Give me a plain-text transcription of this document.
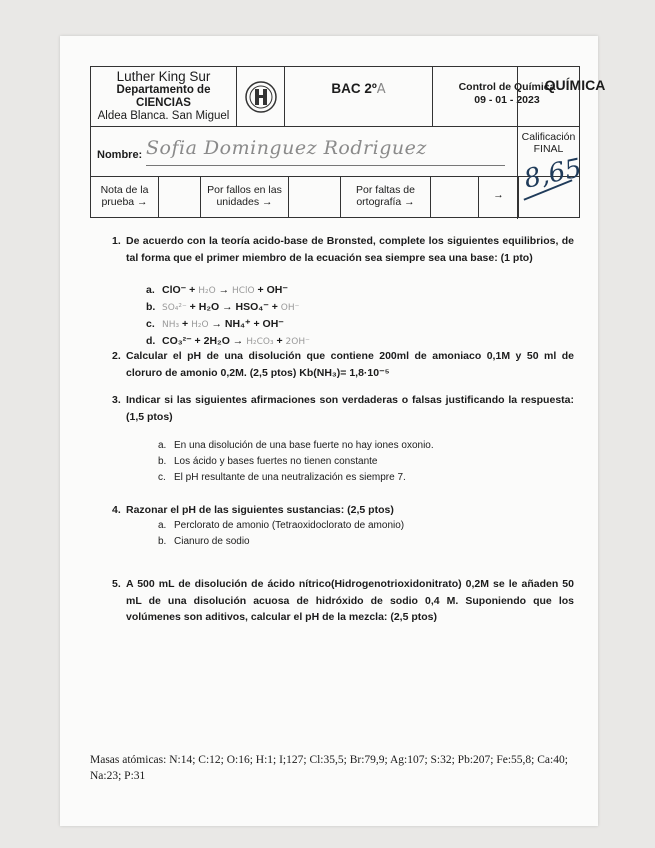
Luther King Sur
Departamento de
CIENCIAS
Aldea Blanca. San Miguel
QUÍMICA
BAC 2ºA	Control de Química
09 - 01 - 2023
Nombre: Sofia Dominguez Rodriguez	Calificación FINAL
8,65
Nota de la prueba →
Por fallos en las unidades →
Por faltas de ortografía →
→
1. De acuerdo con la teoría acido-base de Bronsted, complete los siguientes equilibrios, de tal forma que el primer miembro de la ecuación sea siempre sea una base: (1 pto)
a. ClO⁻ + H₂O → HClO + OH⁻
b. SO₄²⁻ + H₂O → HSO₄⁻ + OH⁻
c. NH₃ + H₂O → NH₄⁺ + OH⁻
d. CO₃²⁻ + 2H₂O → H₂CO₃ + 2OH⁻
2. Calcular el pH de una disolución que contiene 200ml de amoniaco 0,1M y 50 ml de cloruro de amonio 0,2M. (2,5 ptos) Kb(NH₃)= 1,8·10⁻⁵
3. Indicar si las siguientes afirmaciones son verdaderas o falsas justificando la respuesta: (1,5 ptos)
a. En una disolución de una base fuerte no hay iones oxonio.
b. Los ácido y bases fuertes no tienen constante
c. El pH resultante de una neutralización es siempre 7.
4. Razonar el pH de las siguientes sustancias: (2,5 ptos)
a. Perclorato de amonio (Tetraoxidoclorato de amonio)
b. Cianuro de sodio
5. A 500 mL de disolución de ácido nítrico(Hidrogenotrioxidonitrato) 0,2M se le añaden 50 mL de una disolución acuosa de hidróxido de sodio 0,4 M. Suponiendo que los volúmenes son aditivos, calcular el pH de la mezcla: (2,5 ptos)
Masas atómicas: N:14; C:12; O:16; H:1; I;127; Cl:35,5; Br:79,9; Ag:107; S:32; Pb:207; Fe:55,8; Ca:40; Na:23; P:31
